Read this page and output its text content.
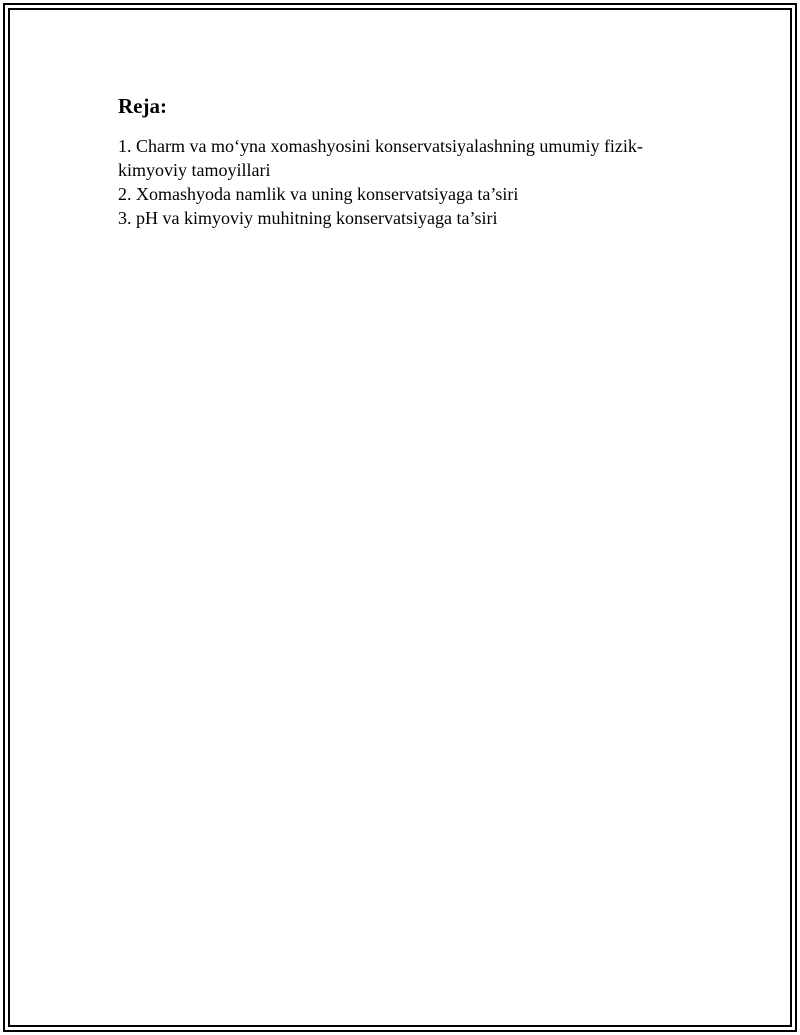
Reja:
1. Charm va mo‘yna xomashyosini konservatsiyalashning umumiy fizik-kimyoviy tamoyillari
2. Xomashyoda namlik va uning konservatsiyaga ta’siri
3. pH va kimyoviy muhitning konservatsiyaga ta’siri
